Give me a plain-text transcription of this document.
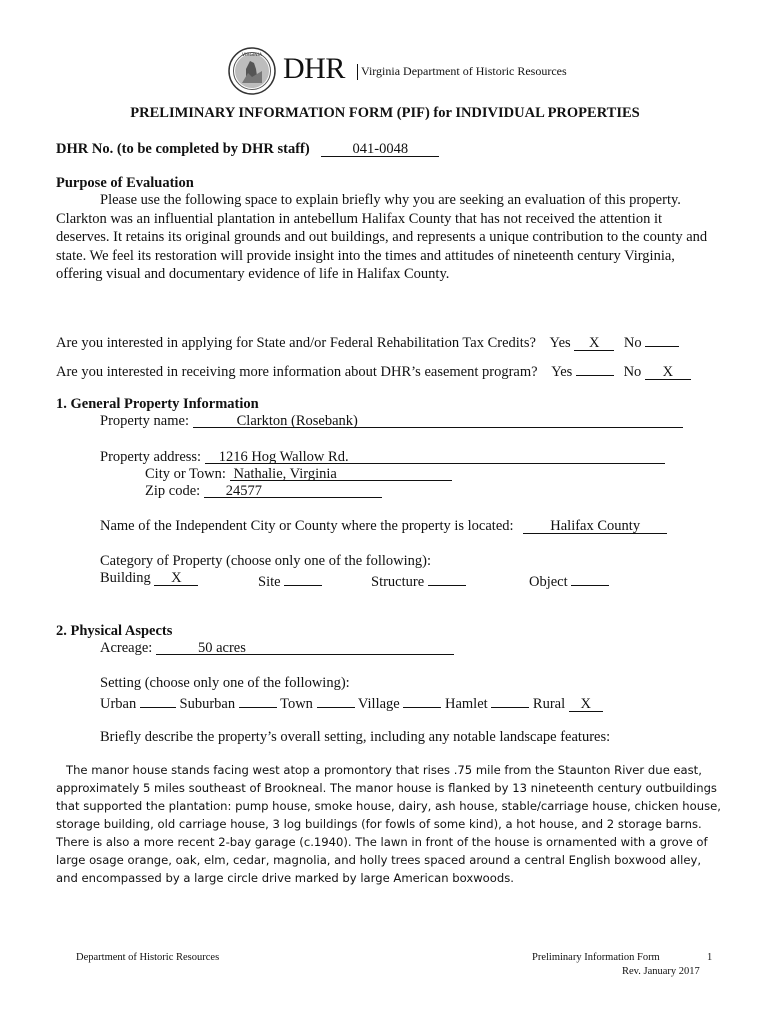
VIRGINIA DHR Virginia Department of Historic Resources
PRELIMINARY INFORMATION FORM (PIF) for INDIVIDUAL PROPERTIES
DHR No. (to be completed by DHR staff)	041-0048
Purpose of Evaluation
Please use the following space to explain briefly why you are seeking an evaluation of this property. Clarkton was an influential plantation in antebellum Halifax County that has not received the attention it deserves. It retains its original grounds and out buildings, and represents a unique contribution to the county and state. We feel its restoration will provide insight into the times and attitudes of nineteenth century Virginia, offering visual and documentary evidence of life in Halifax County.
Are you interested in applying for State and/or Federal Rehabilitation Tax Credits? Yes X No
Are you interested in receiving more information about DHR’s easement program? Yes	No X
1. General Property Information
Property name:	Clarkton (Rosebank)
Property address: 1216 Hog Wallow Rd.
City or Town: Nathalie, Virginia
Zip code: 24577
Name of the Independent City or County where the property is located:	Halifax County
Category of Property (choose only one of the following):
Building X	Site	Structure	Object
2. Physical Aspects
Acreage:	50 acres
Setting (choose only one of the following):
Urban	Suburban	Town	Village	Hamlet	Rural X
Briefly describe the property’s overall setting, including any notable landscape features:
The manor house stands facing west atop a promontory that rises .75 mile from the Staunton River due east, approximately 5 miles southeast of Brookneal. The manor house is flanked by 13 nineteenth century outbuildings that supported the plantation: pump house, smoke house, dairy, ash house, stable/carriage house, chicken house, storage building, old carriage house, 3 log buildings (for fowls of some kind), a hot house, and 2 storage barns. There is also a more recent 2-bay garage (c.1940). The lawn in front of the house is ornamented with a grove of large osage orange, oak, elm, cedar, magnolia, and holly trees spaced around a central English boxwood alley, and encompassed by a large circle drive marked by large American boxwoods.
Department of Historic Resources	Preliminary Information Form	1
Rev. January 2017
